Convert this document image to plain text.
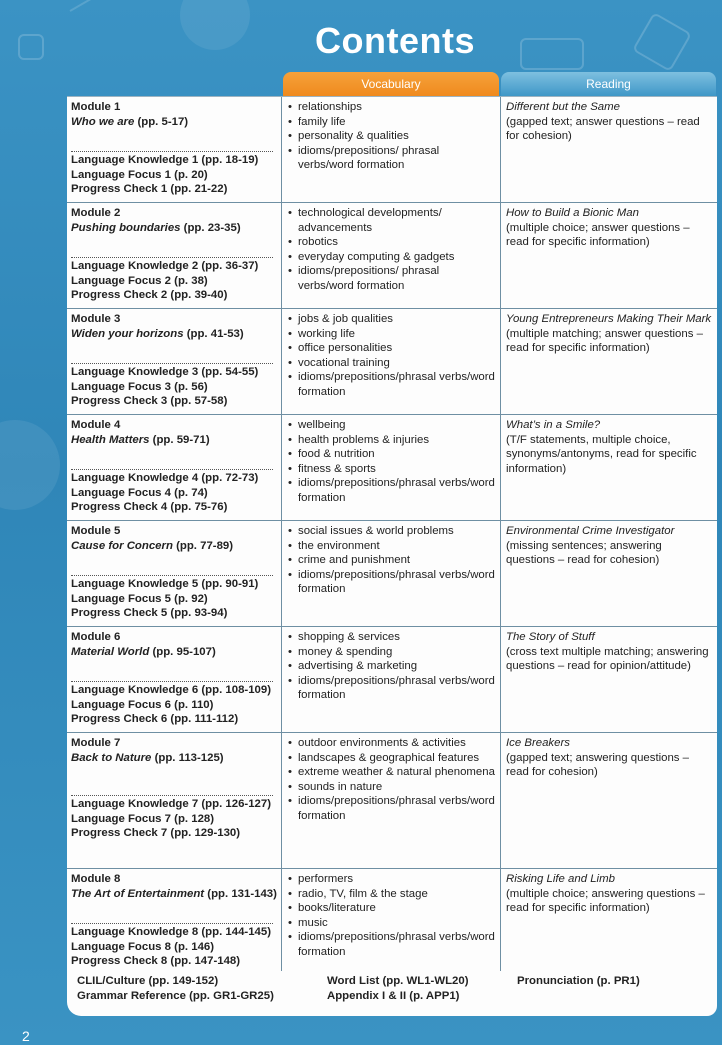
Contents
Vocabulary	Reading
Module 1
Who we are (pp. 5-17)
Language Knowledge 1 (pp. 18-19)
Language Focus 1 (p. 20)
Progress Check 1 (pp. 21-22)
• relationships
• family life
• personality & qualities
• idioms/prepositions/ phrasal verbs/word formation
Different but the Same
(gapped text; answer questions – read for cohesion)
Module 2
Pushing boundaries (pp. 23-35)
Language Knowledge 2 (pp. 36-37)
Language Focus 2 (p. 38)
Progress Check 2 (pp. 39-40)
• technological developments/ advancements
• robotics
• everyday computing & gadgets
• idioms/prepositions/ phrasal verbs/word formation
How to Build a Bionic Man
(multiple choice; answer questions – read for specific information)
Module 3
Widen your horizons (pp. 41-53)
Language Knowledge 3 (pp. 54-55)
Language Focus 3 (p. 56)
Progress Check 3 (pp. 57-58)
• jobs & job qualities
• working life
• office personalities
• vocational training
• idioms/prepositions/phrasal verbs/word formation
Young Entrepreneurs Making Their Mark
(multiple matching; answer questions – read for specific information)
Module 4
Health Matters (pp. 59-71)
Language Knowledge 4 (pp. 72-73)
Language Focus 4 (p. 74)
Progress Check 4 (pp. 75-76)
• wellbeing
• health problems & injuries
• food & nutrition
• fitness & sports
• idioms/prepositions/phrasal verbs/word formation
What’s in a Smile?
(T/F statements, multiple choice, synonyms/antonyms, read for specific information)
Module 5
Cause for Concern (pp. 77-89)
Language Knowledge 5 (pp. 90-91)
Language Focus 5 (p. 92)
Progress Check 5 (pp. 93-94)
• social issues & world problems
• the environment
• crime and punishment
• idioms/prepositions/phrasal verbs/word formation
Environmental Crime Investigator
(missing sentences; answering questions – read for cohesion)
Module 6
Material World (pp. 95-107)
Language Knowledge 6 (pp. 108-109)
Language Focus 6 (p. 110)
Progress Check 6 (pp. 111-112)
• shopping & services
• money & spending
• advertising & marketing
• idioms/prepositions/phrasal verbs/word formation
The Story of Stuff
(cross text multiple matching; answering questions – read for opinion/attitude)
Module 7
Back to Nature (pp. 113-125)
Language Knowledge 7 (pp. 126-127)
Language Focus 7 (p. 128)
Progress Check 7 (pp. 129-130)
• outdoor environments & activities
• landscapes & geographical features
• extreme weather & natural phenomena
• sounds in nature
• idioms/prepositions/phrasal verbs/word formation
Ice Breakers
(gapped text; answering questions – read for cohesion)
Module 8
The Art of Entertainment (pp. 131-143)
Language Knowledge 8 (pp. 144-145)
Language Focus 8 (p. 146)
Progress Check 8 (pp. 147-148)
• performers
• radio, TV, film & the stage
• books/literature
• music
• idioms/prepositions/phrasal verbs/word formation
Risking Life and Limb
(multiple choice; answering questions – read for specific information)
CLIL/Culture (pp. 149-152)
Grammar Reference (pp. GR1-GR25)
Word List (pp. WL1-WL20)
Appendix I & II (p. APP1)
Pronunciation (p. PR1)
2
